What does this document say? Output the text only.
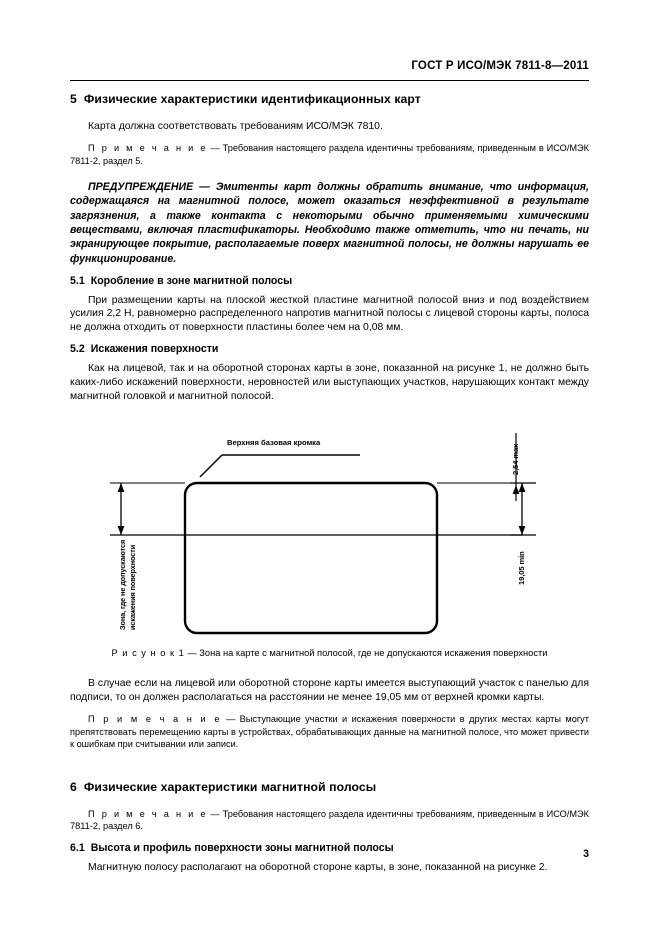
ГОСТ Р ИСО/МЭК 7811-8—2011
5 Физические характеристики идентификационных карт

Карта должна соответствовать требованиям ИСО/МЭК 7810.

П р и м е ч а н и е — Требования настоящего раздела идентичны требованиям, приведенным в ИСО/МЭК 7811-2, раздел 5.

ПРЕДУПРЕЖДЕНИЕ — Эмитенты карт должны обратить внимание, что информация, содержащаяся на магнитной полосе, может оказаться неэффективной в результате загрязнения, а также контакта с некоторыми обычно применяемыми химическими веществами, включая пластификаторы. Необходимо также отметить, что ни печать, ни экранирующее покрытие, располагаемые поверх магнитной полосы, не должны нарушать ее функционирование.

5.1 Коробление в зоне магнитной полосы

При размещении карты на плоской жесткой пластине магнитной полосой вниз и под воздействием усилия 2,2 Н, равномерно распределенного напротив магнитной полосы с лицевой стороны карты, полоса не должна отходить от поверхности пластины более чем на 0,08 мм.

5.2 Искажения поверхности

Как на лицевой, так и на оборотной сторонах карты в зоне, показанной на рисунке 1, не должно быть каких-либо искажений поверхности, неровностей или выступающих участков, нарушающих контакт между магнитной головкой и магнитной полосой.

Верхняя базовая кромка
Зона, где не допускаются искажения поверхности
2,54 max
19,05 min
Р и с у н о к 1 — Зона на карте с магнитной полосой, где не допускаются искажения поверхности

В случае если на лицевой или оборотной стороне карты имеется выступающий участок с панелью для подписи, то он должен располагаться на расстоянии не менее 19,05 мм от верхней кромки карты.

П р и м е ч а н и е — Выступающие участки и искажения поверхности в других местах карты могут препятствовать перемещению карты в устройствах, обрабатывающих данные на магнитной полосе, что может привести к ошибкам при считывании или записи.

6 Физические характеристики магнитной полосы

П р и м е ч а н и е — Требования настоящего раздела идентичны требованиям, приведенным в ИСО/МЭК 7811-2, раздел 6.

6.1 Высота и профиль поверхности зоны магнитной полосы

Магнитную полосу располагают на оборотной стороне карты, в зоне, показанной на рисунке 2.

3
